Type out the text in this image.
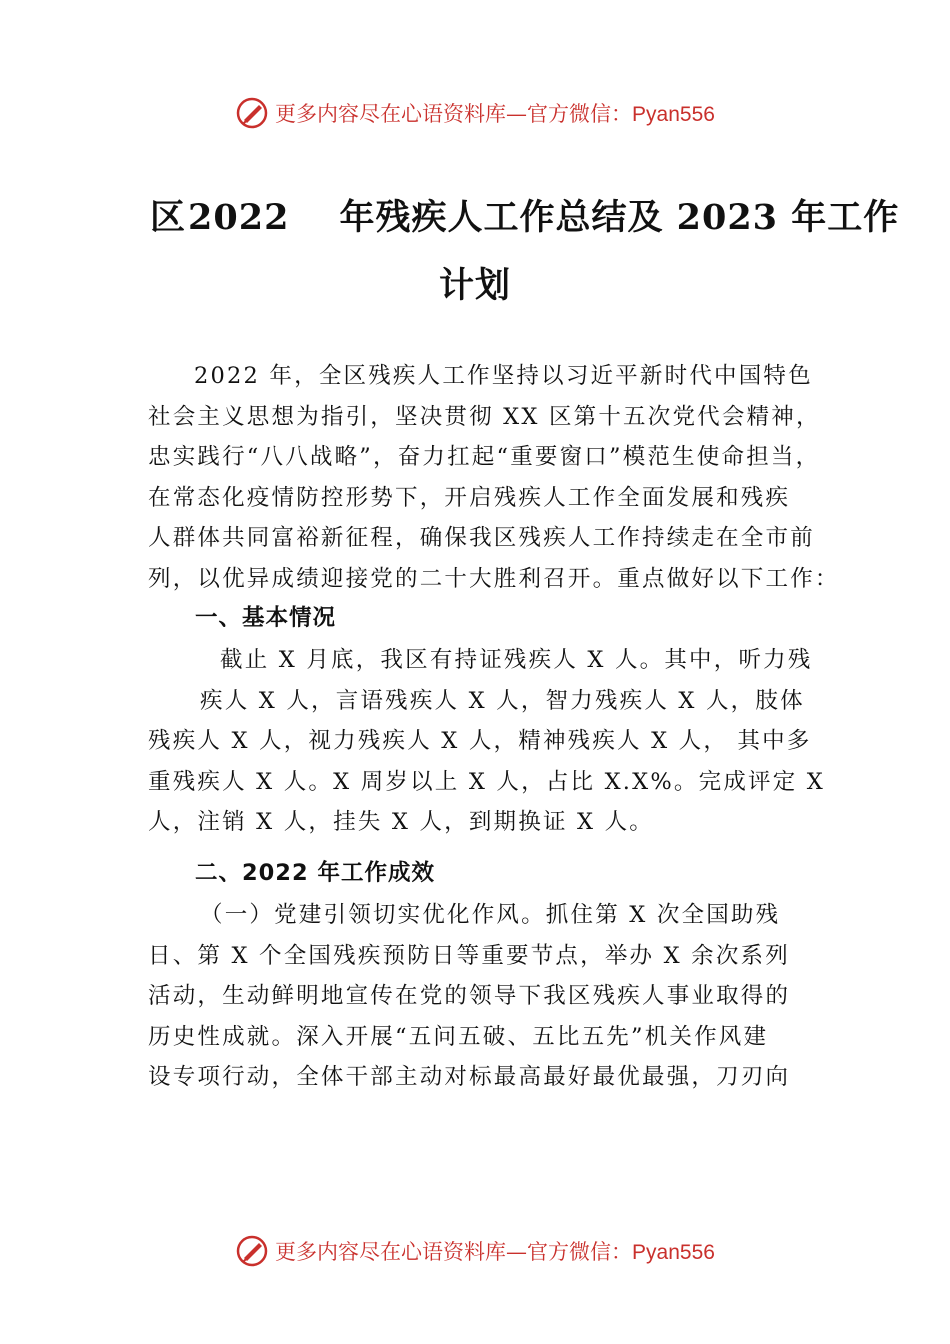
更多内容尽在心语资料库—官方微信：Pyan556
区2022 年残疾人工作总结及 2023 年工作
计划

2022 年，全区残疾人工作坚持以习近平新时代中国特色

社会主义思想为指引，坚决贯彻 XX 区第十五次党代会精神，

忠实践行“八八战略”，奋力扛起“重要窗口”模范生使命担当，

在常态化疫情防控形势下，开启残疾人工作全面发展和残疾

人群体共同富裕新征程，确保我区残疾人工作持续走在全市前

列，以优异成绩迎接党的二十大胜利召开。重点做好以下工作：

一、基本情况

截止 X 月底，我区有持证残疾人 X 人。其中，听力残

疾人 X 人，言语残疾人 X 人，智力残疾人 X 人，肢体

残疾人 X 人，视力残疾人 X 人，精神残疾人 X 人， 其中多

重残疾人 X 人。X 周岁以上 X 人，占比 X.X%。完成评定 X

人，注销 X 人，挂失 X 人，到期换证 X 人。

二、2022 年工作成效

（一）党建引领切实优化作风。抓住第 X 次全国助残

日、第 X 个全国残疾预防日等重要节点，举办 X 余次系列

活动，生动鲜明地宣传在党的领导下我区残疾人事业取得的

历史性成就。深入开展“五问五破、五比五先”机关作风建

设专项行动，全体干部主动对标最高最好最优最强，刀刃向

更多内容尽在心语资料库—官方微信：Pyan556
